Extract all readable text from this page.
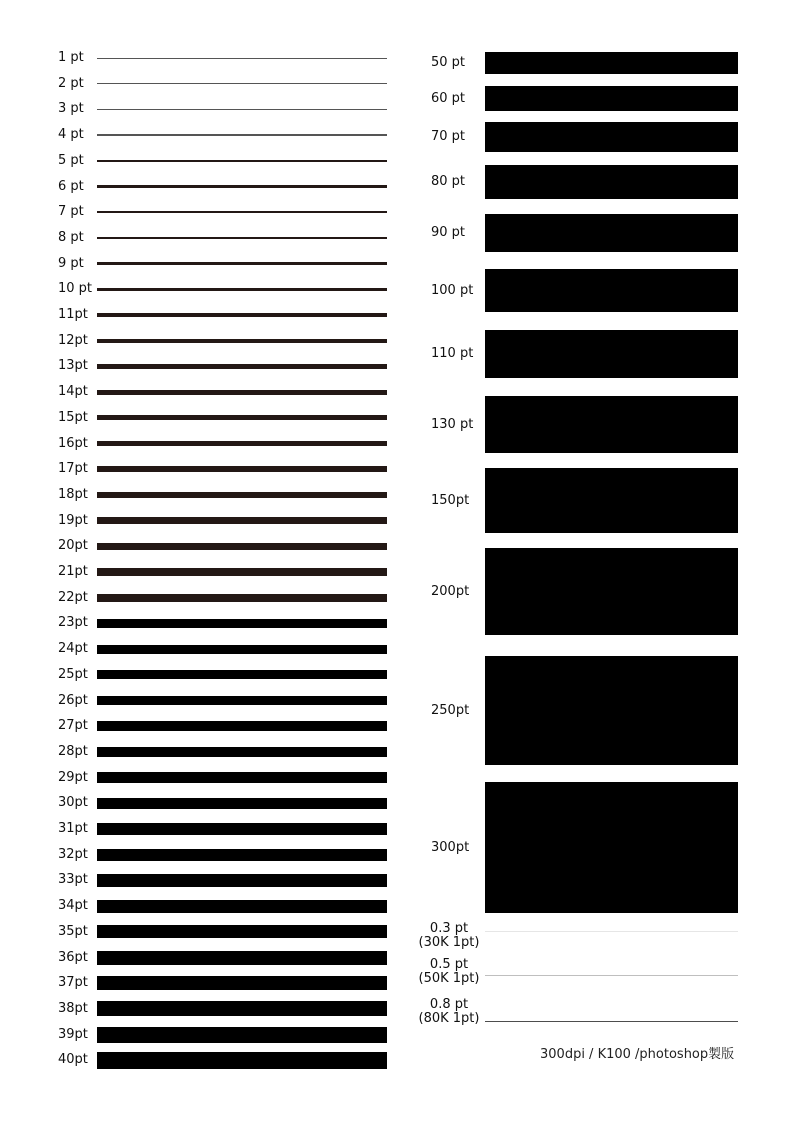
1 pt
2 pt
3 pt
4 pt
5 pt
6 pt
7 pt
8 pt
9 pt
10 pt
11pt
12pt
13pt
14pt
15pt
16pt
17pt
18pt
19pt
20pt
21pt
22pt
23pt
24pt
25pt
26pt
27pt
28pt
29pt
30pt
31pt
32pt
33pt
34pt
35pt
36pt
37pt
38pt
39pt
40pt
50 pt
60 pt
70 pt
80 pt
90 pt
100 pt
110 pt
130 pt
150pt
200pt
250pt
300pt
0.3 pt
(30K 1pt)
0.5 pt
(50K 1pt)
0.8 pt
(80K 1pt)
300dpi / K100 /photoshop製版
